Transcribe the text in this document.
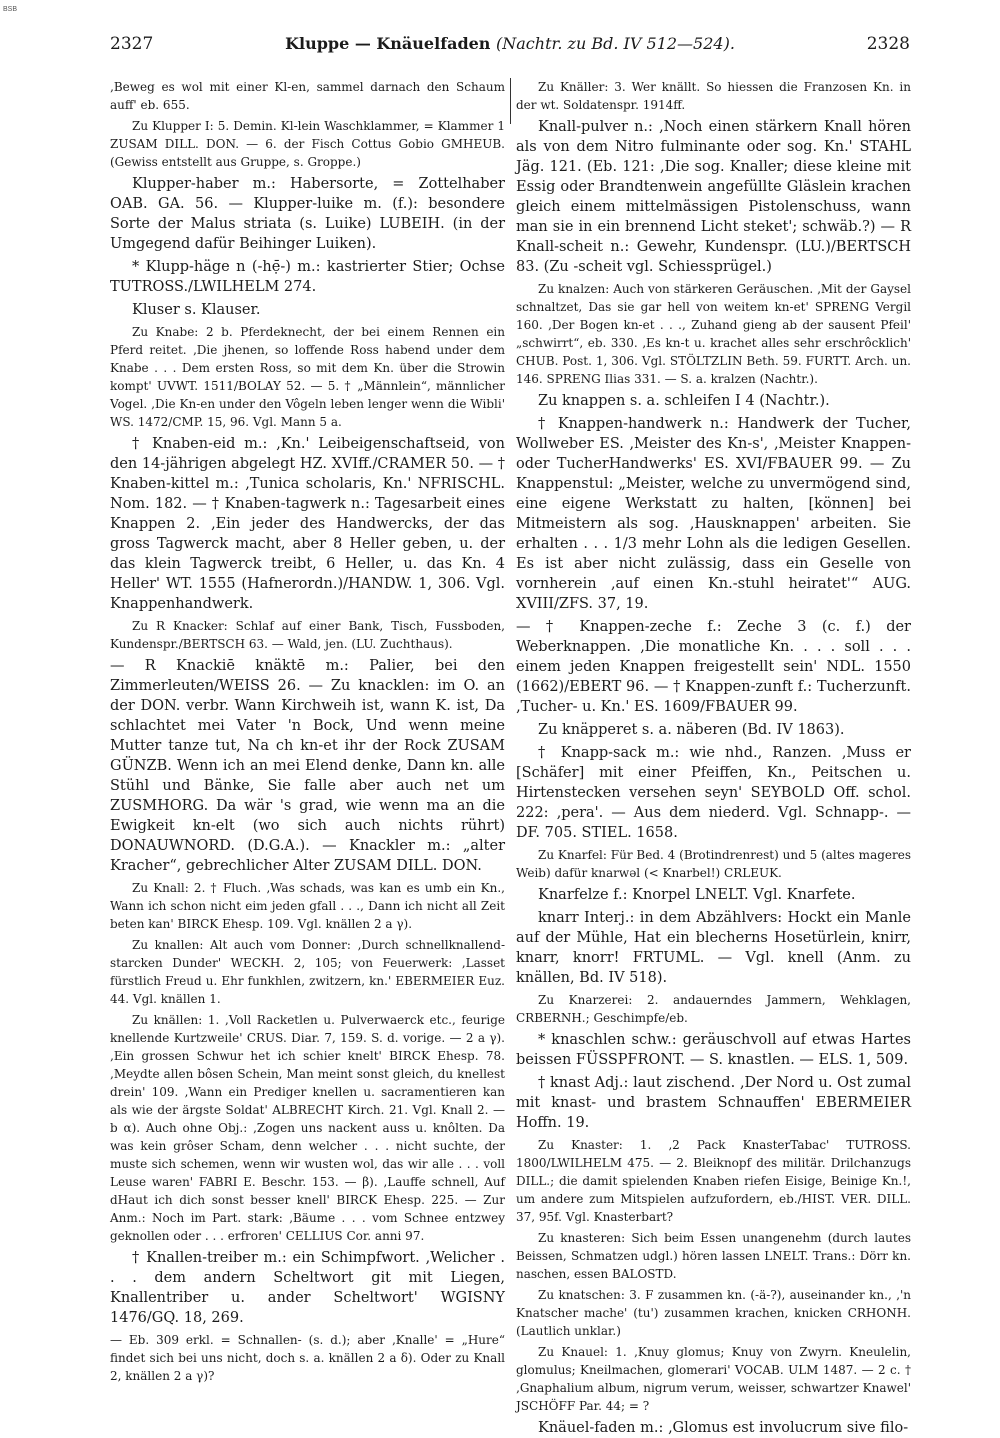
BSB
2327	Kluppe — Knäuelfaden (Nachtr. zu Bd. IV 512—524).	2328

‚Beweg es wol mit einer Kl-en, sammel darnach den Schaum auff' eb. 655.

Zu Klupper I: 5. Demin. Kl-lein Waschklammer, = Klammer 1 ZUSAM DILL. DON. — 6. der Fisch Cottus Gobio GMHEUB. (Gewiss entstellt aus Gruppe, s. Groppe.)

Klupper-haber m.: Habersorte, = Zottelhaber OAB. GA. 56. — Klupper-luike m. (f.): besondere Sorte der Malus striata (s. Luike) LUBEIH. (in der Umgegend dafür Beihinger Luiken).

* Klupp-häge n (-hẹ̄-) m.: kastrierter Stier; Ochse TUTROSS./LWILHELM 274.

Kluser s. Klauser.

Zu Knabe: 2 b. Pferdeknecht, der bei einem Rennen ein Pferd reitet. ‚Die jhenen, so loffende Ross habend under dem Knabe . . . Dem ersten Ross, so mit dem Kn. über die Strowin kompt' UVWT. 1511/BOLAY 52. — 5. † „Männlein“, männlicher Vogel. ‚Die Kn-en under den Vôgeln leben lenger wenn die Wibli' WS. 1472/CMP. 15, 96. Vgl. Mann 5 a.

† Knaben-eid m.: ‚Kn.' Leibeigenschaftseid, von den 14-jährigen abgelegt HZ. XVIff./CRAMER 50. — † Knaben-kittel m.: ‚Tunica scholaris, Kn.' NFRISCHL. Nom. 182. — † Knaben-tagwerk n.: Tagesarbeit eines Knappen 2. ‚Ein jeder des Handwercks, der das gross Tagwerck macht, aber 8 Heller geben, u. der das klein Tagwerck treibt, 6 Heller, u. das Kn. 4 Heller' WT. 1555 (Hafnerordn.)/HANDW. 1, 306. Vgl. Knappenhandwerk.

Zu R Knacker: Schlaf auf einer Bank, Tisch, Fussboden, Kundenspr./BERTSCH 63. — Wald, jen. (LU. Zuchthaus).

— R Knackiē knäktē m.: Palier, bei den Zimmerleuten/WEISS 26. — Zu knacklen: im O. an der DON. verbr. Wann Kirchweih ist, wann K. ist, Da schlachtet mei Vater 'n Bock, Und wenn meine Mutter tanze tut, Na ch kn-et ihr der Rock ZUSAM GÜNZB. Wenn ich an mei Elend denke, Dann kn. alle Stühl und Bänke, Sie falle aber auch net um ZUSMHORG. Da wär 's grad, wie wenn ma an die Ewigkeit kn-elt (wo sich auch nichts rührt) DONAUWNORD. (D.G.A.). — Knackler m.: „alter Kracher“, gebrechlicher Alter ZUSAM DILL. DON.

Zu Knall: 2. † Fluch. ‚Was schads, was kan es umb ein Kn., Wann ich schon nicht eim jeden gfall . . ., Dann ich nicht all Zeit beten kan' BIRCK Ehesp. 109. Vgl. knällen 2 a γ).

Zu knallen: Alt auch vom Donner: ‚Durch schnellknallend-starcken Dunder' WECKH. 2, 105; von Feuerwerk: ‚Lasset fürstlich Freud u. Ehr funkhlen, zwitzern, kn.' EBERMEIER Euz. 44. Vgl. knällen 1.

Zu knällen: 1. ‚Voll Racketlen u. Pulverwaerck etc., feurige knellende Kurtzweile' CRUS. Diar. 7, 159. S. d. vorige. — 2 a γ). ‚Ein grossen Schwur het ich schier knelt' BIRCK Ehesp. 78. ‚Meydte allen bôsen Schein, Man meint sonst gleich, du knellest drein' 109. ‚Wann ein Prediger knellen u. sacramentieren kan als wie der ärgste Soldat' ALBRECHT Kirch. 21. Vgl. Knall 2. — b α). Auch ohne Obj.: ‚Zogen uns nackent auss u. knôlten. Da was kein grôser Scham, denn welcher . . . nicht suchte, der muste sich schemen, wenn wir wusten wol, das wir alle . . . voll Leuse waren' FABRI E. Beschr. 153. — β). ‚Lauffe schnell, Auf dHaut ich dich sonst besser knell' BIRCK Ehesp. 225. — Zur Anm.: Noch im Part. stark: ‚Bäume . . . vom Schnee entzwey geknollen oder . . . erfroren' CELLIUS Cor. anni 97.

† Knallen-treiber m.: ein Schimpfwort. ‚Welicher . . . dem andern Scheltwort git mit Liegen, Knallentriber u. ander Scheltwort' WGISNY 1476/GQ. 18, 269.

— Eb. 309 erkl. = Schnallen- (s. d.); aber ‚Knalle' = „Hure“ findet sich bei uns nicht, doch s. a. knällen 2 a δ). Oder zu Knall 2, knällen 2 a γ)?

Zu Knäller: 3. Wer knällt. So hiessen die Franzosen Kn. in der wt. Soldatenspr. 1914ff.

Knall-pulver n.: ‚Noch einen stärkern Knall hören als von dem Nitro fulminante oder sog. Kn.' STAHL Jäg. 121. (Eb. 121: ‚Die sog. Knaller; diese kleine mit Essig oder Brandtenwein angefüllte Gläslein krachen gleich einem mittelmässigen Pistolenschuss, wann man sie in ein brennend Licht steket'; schwäb.?) — R Knall-scheit n.: Gewehr, Kundenspr. (LU.)/BERTSCH 83. (Zu -scheit vgl. Schiessprügel.)

Zu knalzen: Auch von stärkeren Geräuschen. ‚Mit der Gaysel schnaltzet, Das sie gar hell von weitem kn-et' SPRENG Vergil 160. ‚Der Bogen kn-et . . ., Zuhand gieng ab der sausent Pfeil' „schwirrt“, eb. 330. ‚Es kn-t u. krachet alles sehr erschrôcklich' CHUB. Post. 1, 306. Vgl. STÖLTZLIN Beth. 59. FURTT. Arch. un. 146. SPRENG Ilias 331. — S. a. kralzen (Nachtr.).

Zu knappen s. a. schleifen I 4 (Nachtr.).

† Knappen-handwerk n.: Handwerk der Tucher, Wollweber ES. ‚Meister des Kn-s', ‚Meister Knappen- oder TucherHandwerks' ES. XVI/FBAUER 99. — Zu Knappenstul: „Meister, welche zu unvermögend sind, eine eigene Werkstatt zu halten, [können] bei Mitmeistern als sog. ‚Hausknappen' arbeiten. Sie erhalten . . . 1/3 mehr Lohn als die ledigen Gesellen. Es ist aber nicht zulässig, dass ein Geselle von vornherein ‚auf einen Kn.-stuhl heiratet'“ AUG. XVIII/ZFS. 37, 19.

— † Knappen-zeche f.: Zeche 3 (c. f.) der Weberknappen. ‚Die monatliche Kn. . . . soll . . . einem jeden Knappen freigestellt sein' NDL. 1550 (1662)/EBERT 96. — † Knappen-zunft f.: Tucherzunft. ‚Tucher- u. Kn.' ES. 1609/FBAUER 99.

Zu knäpperet s. a. näberen (Bd. IV 1863).

† Knapp-sack m.: wie nhd., Ranzen. ‚Muss er [Schäfer] mit einer Pfeiffen, Kn., Peitschen u. Hirtenstecken versehen seyn' SEYBOLD Off. schol. 222: ‚pera'. — Aus dem niederd. Vgl. Schnapp-. — DF. 705. STIEL. 1658.

Zu Knarfel: Für Bed. 4 (Brotindrenrest) und 5 (altes mageres Weib) dafür knarwəl (< Knarbel!) CRLEUK.

Knarfelze f.: Knorpel LNELT. Vgl. Knarfete.

knarr Interj.: in dem Abzählvers: Hockt ein Manle auf der Mühle, Hat ein blecherns Hosetürlein, knirr, knarr, knorr! FRTUML. — Vgl. knell (Anm. zu knällen, Bd. IV 518).

Zu Knarzerei: 2. andauerndes Jammern, Wehklagen, CRBERNH.; Geschimpfe/eb.

* knaschlen schw.: geräuschvoll auf etwas Hartes beissen FÜSSPFRONT. — S. knastlen. — ELS. 1, 509.

† knast Adj.: laut zischend. ‚Der Nord u. Ost zumal mit knast- und brastem Schnauffen' EBERMEIER Hoffn. 19.

Zu Knaster: 1. ‚2 Pack KnasterTabac' TUTROSS. 1800/LWILHELM 475. — 2. Bleiknopf des militär. Drilchanzugs DILL.; die damit spielenden Knaben riefen Eisige, Beinige Kn.!, um andere zum Mitspielen aufzufordern, eb./HIST. VER. DILL. 37, 95f. Vgl. Knasterbart?

Zu knasteren: Sich beim Essen unangenehm (durch lautes Beissen, Schmatzen udgl.) hören lassen LNELT. Trans.: Dörr kn. naschen, essen BALOSTD.

Zu knatschen: 3. F zusammen kn. (-ä-?), auseinander kn., ‚'n Knatscher mache' (tu') zusammen krachen, knicken CRHONH. (Lautlich unklar.)

Zu Knauel: 1. ‚Knuy glomus; Knuy von Zwyrn. Kneulelin, glomulus; Kneilmachen, glomerari' VOCAB. ULM 1487. — 2 c. † ‚Gnaphalium album, nigrum verum, weisser, schwartzer Knawel' JSCHÖFF Par. 44; = ?

Knäuel-faden m.: ‚Glomus est involucrum sive filo-
